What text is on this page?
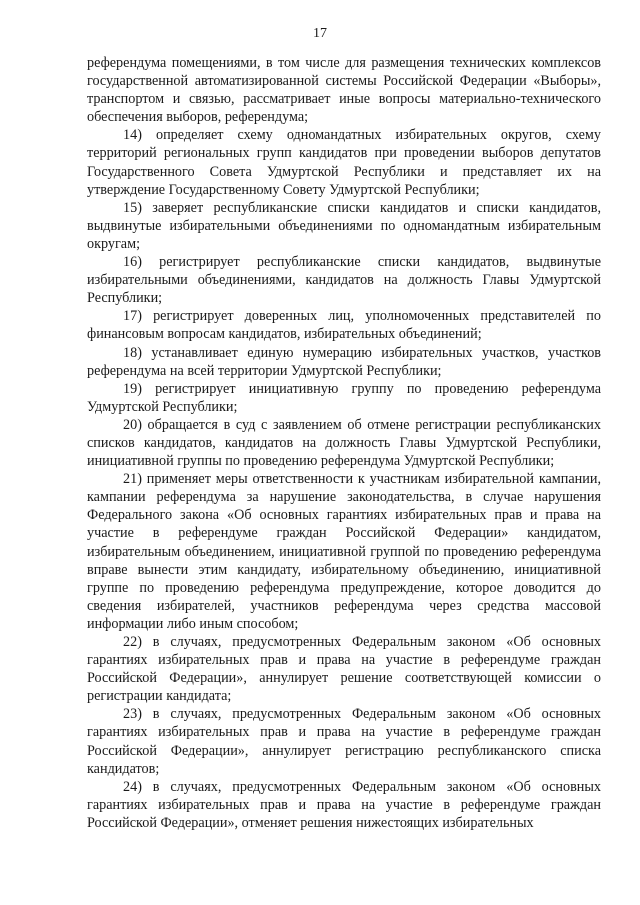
17

референдума помещениями, в том числе для размещения технических комплексов государственной автоматизированной системы Российской Федерации «Выборы», транспортом и связью, рассматривает иные вопросы материально-технического обеспечения выборов, референдума;

14) определяет схему одномандатных избирательных округов, схему территорий региональных групп кандидатов при проведении выборов депутатов Государственного Совета Удмуртской Республики и представляет их на утверждение Государственному Совету Удмуртской Республики;

15) заверяет республиканские списки кандидатов и списки кандидатов, выдвинутые избирательными объединениями по одномандатным избирательным округам;

16) регистрирует республиканские списки кандидатов, выдвинутые избирательными объединениями, кандидатов на должность Главы Удмуртской Республики;

17) регистрирует доверенных лиц, уполномоченных представителей по финансовым вопросам кандидатов, избирательных объединений;

18) устанавливает единую нумерацию избирательных участков, участков референдума на всей территории Удмуртской Республики;

19) регистрирует инициативную группу по проведению референдума Удмуртской Республики;

20) обращается в суд с заявлением об отмене регистрации республиканских списков кандидатов, кандидатов на должность Главы Удмуртской Республики, инициативной группы по проведению референдума Удмуртской Республики;

21) применяет меры ответственности к участникам избирательной кампании, кампании референдума за нарушение законодательства, в случае нарушения Федерального закона «Об основных гарантиях избирательных прав и права на участие в референдуме граждан Российской Федерации» кандидатом, избирательным объединением, инициативной группой по проведению референдума вправе вынести этим кандидату, избирательному объединению, инициативной группе по проведению референдума предупреждение, которое доводится до сведения избирателей, участников референдума через средства массовой информации либо иным способом;

22) в случаях, предусмотренных Федеральным законом «Об основных гарантиях избирательных прав и права на участие в референдуме граждан Российской Федерации», аннулирует решение соответствующей комиссии о регистрации кандидата;

23) в случаях, предусмотренных Федеральным законом «Об основных гарантиях избирательных прав и права на участие в референдуме граждан Российской Федерации», аннулирует регистрацию республиканского списка кандидатов;

24) в случаях, предусмотренных Федеральным законом «Об основных гарантиях избирательных прав и права на участие в референдуме граждан Российской Федерации», отменяет решения нижестоящих избирательных
